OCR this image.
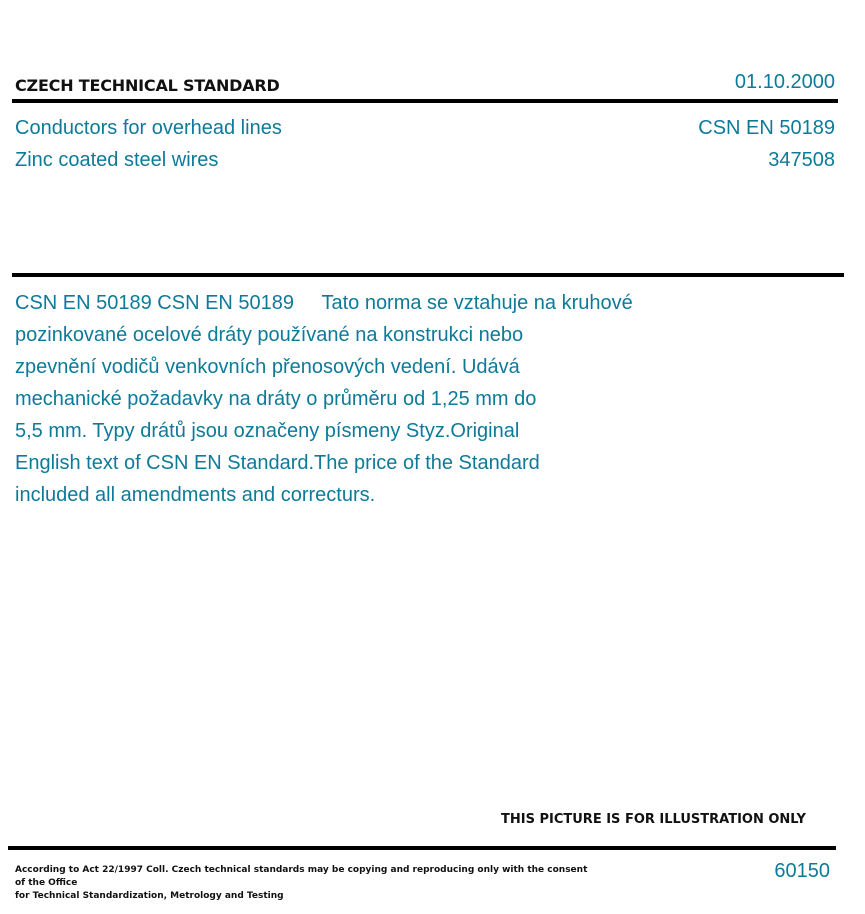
CZECH TECHNICAL STANDARD	01.10.2000
Conductors for overhead lines
Zinc coated steel wires
CSN EN 50189
347508
CSN EN 50189 CSN EN 50189     Tato norma se vztahuje na kruhové
pozinkované ocelové dráty používané na konstrukci nebo
zpevnění vodičů venkovních přenosových vedení. Udává
mechanické požadavky na dráty o průměru od 1,25 mm do
5,5 mm. Typy drátů jsou označeny písmeny Styz.Original
English text of CSN EN Standard.The price of the Standard
included all amendments and correcturs.
THIS PICTURE IS FOR ILLUSTRATION ONLY
According to Act 22/1997 Coll. Czech technical standards may be copying and reproducing only with the consent of the Office
for Technical Standardization, Metrology and Testing
60150
